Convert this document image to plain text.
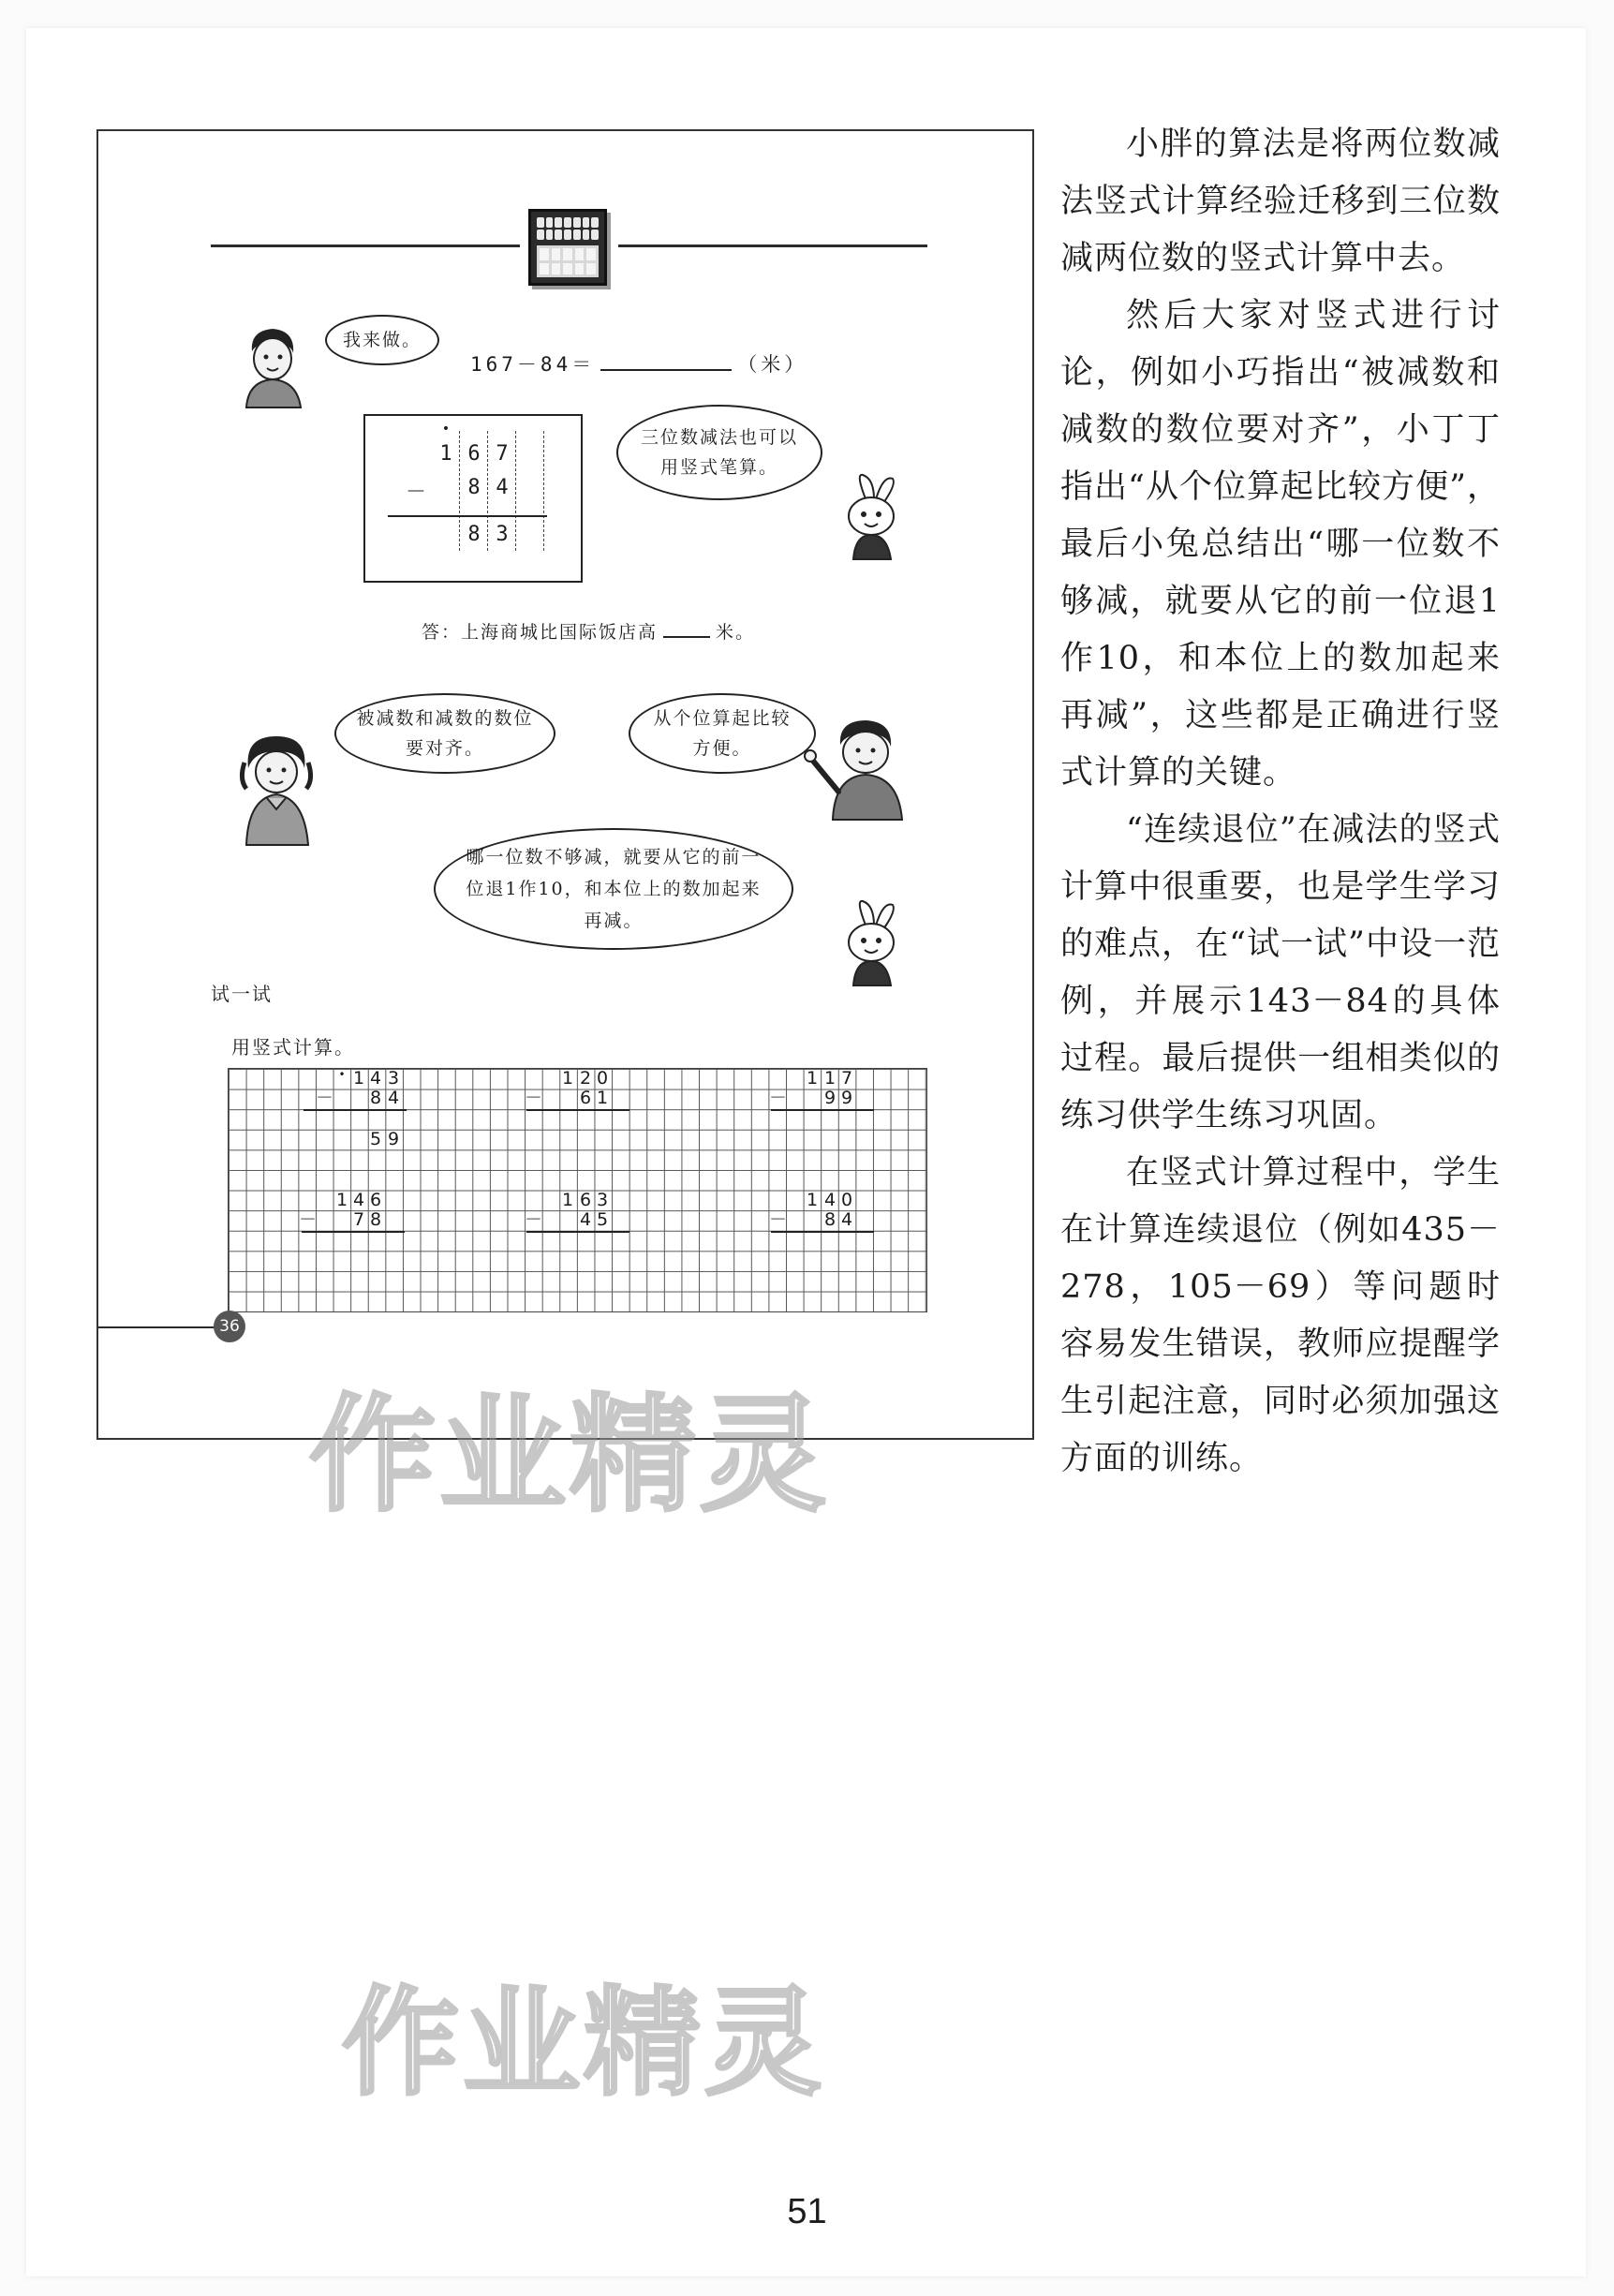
我来做。
167－84＝	（米）
•
1 6 7
－	8 4
8 3
三位数减法也可以用竖式笔算。
答：上海商城比国际饭店高	米。
被减数和减数的数位要对齐。
从个位算起比较方便。
哪一位数不够减，就要从它的前一位退1作10，和本位上的数加起来再减。
试一试
用竖式计算。
• 1 4 3
－ 8 4
5 9
1 2 0
－ 6 1
1 1 7
－ 9 9
1 4 6
－ 7 8
1 6 3
－ 4 5
1 4 0
－ 8 4
36
作业精灵
作业精灵

小胖的算法是将两位数减法竖式计算经验迁移到三位数减两位数的竖式计算中去。

然后大家对竖式进行讨论，例如小巧指出“被减数和减数的数位要对齐”，小丁丁指出“从个位算起比较方便”，最后小兔总结出“哪一位数不够减，就要从它的前一位退1作10，和本位上的数加起来再减”，这些都是正确进行竖式计算的关键。

“连续退位”在减法的竖式计算中很重要，也是学生学习的难点，在“试一试”中设一范例，并展示143－84的具体过程。最后提供一组相类似的练习供学生练习巩固。

在竖式计算过程中，学生在计算连续退位（例如435－278，105－69）等问题时容易发生错误，教师应提醒学生引起注意，同时必须加强这方面的训练。

51
